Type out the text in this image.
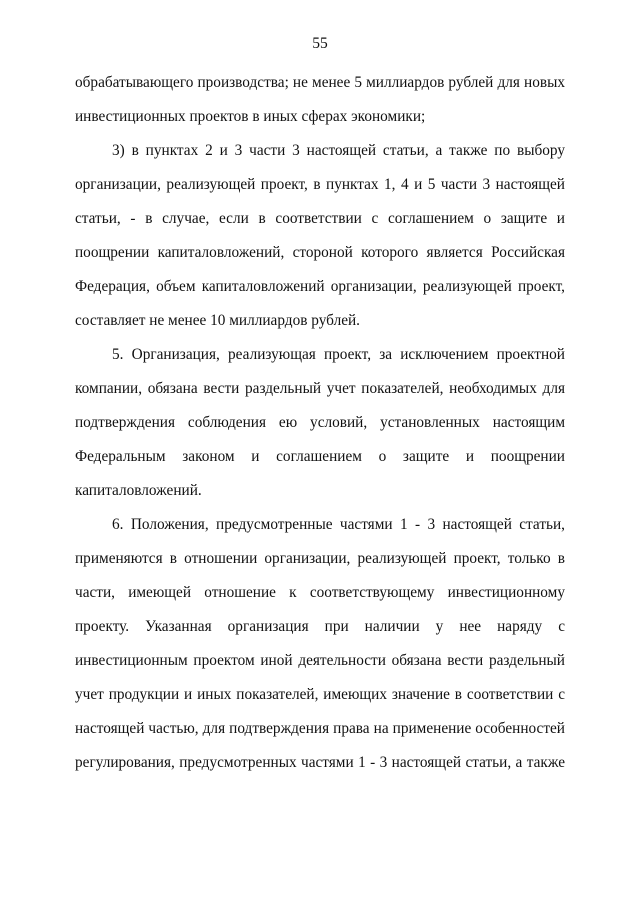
55
обрабатывающего производства; не менее 5 миллиардов рублей для новых
инвестиционных проектов в иных сферах экономики;
3) в пунктах 2 и 3 части 3 настоящей статьи, а также по выбору
организации, реализующей проект, в пунктах 1, 4 и 5 части 3 настоящей
статьи, - в случае, если в соответствии с соглашением о защите и
поощрении капиталовложений, стороной которого является Российская
Федерация, объем капиталовложений организации, реализующей проект,
составляет не менее 10 миллиардов рублей.
5. Организация, реализующая проект, за исключением проектной
компании, обязана вести раздельный учет показателей, необходимых для
подтверждения соблюдения ею условий, установленных настоящим
Федеральным законом и соглашением о защите и поощрении
капиталовложений.
6. Положения, предусмотренные частями 1 - 3 настоящей статьи,
применяются в отношении организации, реализующей проект, только в
части, имеющей отношение к соответствующему инвестиционному
проекту. Указанная организация при наличии у нее наряду с
инвестиционным проектом иной деятельности обязана вести раздельный
учет продукции и иных показателей, имеющих значение в соответствии с
настоящей частью, для подтверждения права на применение особенностей
регулирования, предусмотренных частями 1 - 3 настоящей статьи, а также
